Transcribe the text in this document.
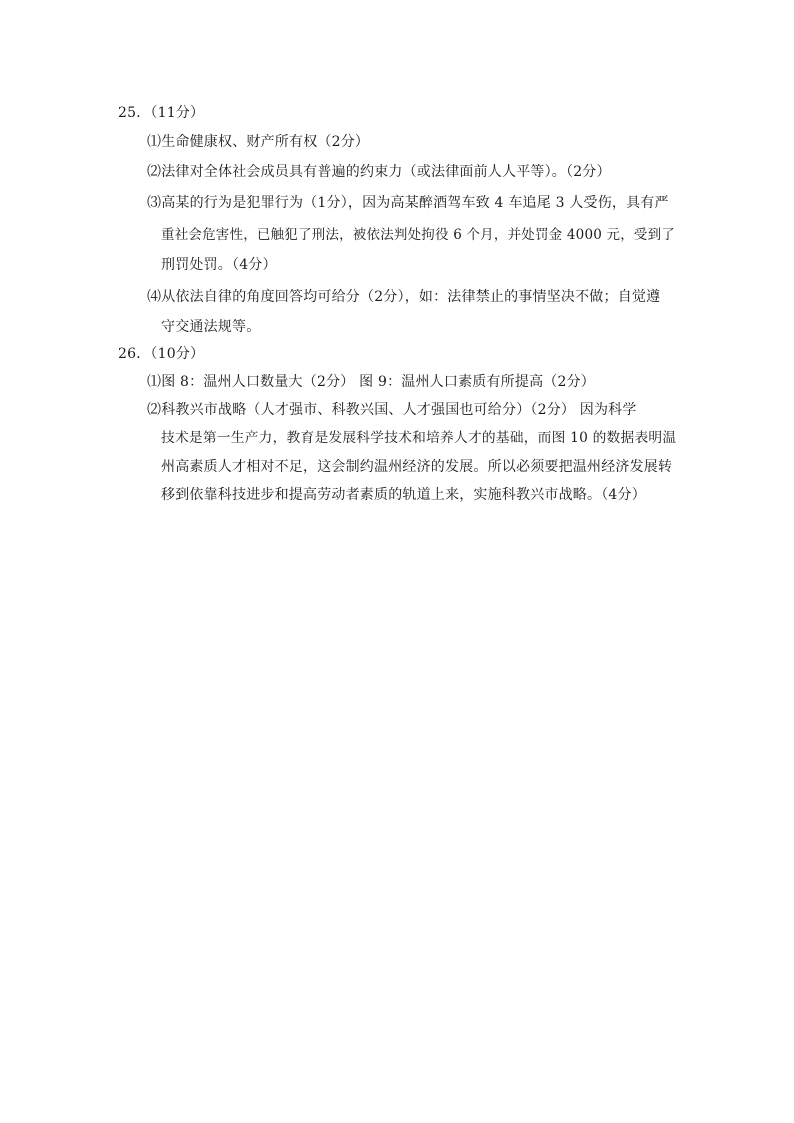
25．（11分）
⑴生命健康权、财产所有权（2分）
⑵法律对全体社会成员具有普遍的约束力（或法律面前人人平等）。（2分）
⑶高某的行为是犯罪行为（1分），因为高某醉酒驾车致 4 车追尾 3 人受伤，具有严
重社会危害性，已触犯了刑法，被依法判处拘役 6 个月，并处罚金 4000 元，受到了
刑罚处罚。（4分）
⑷从依法自律的角度回答均可给分（2分），如：法律禁止的事情坚决不做；自觉遵
守交通法规等。
26．（10分）
⑴图 8：温州人口数量大（2分） 图 9：温州人口素质有所提高（2分）
⑵科教兴市战略（人才强市、科教兴国、人才强国也可给分）（2分） 因为科学
技术是第一生产力，教育是发展科学技术和培养人才的基础，而图 10 的数据表明温
州高素质人才相对不足，这会制约温州经济的发展。所以必须要把温州经济发展转
移到依靠科技进步和提高劳动者素质的轨道上来，实施科教兴市战略。（4分）
